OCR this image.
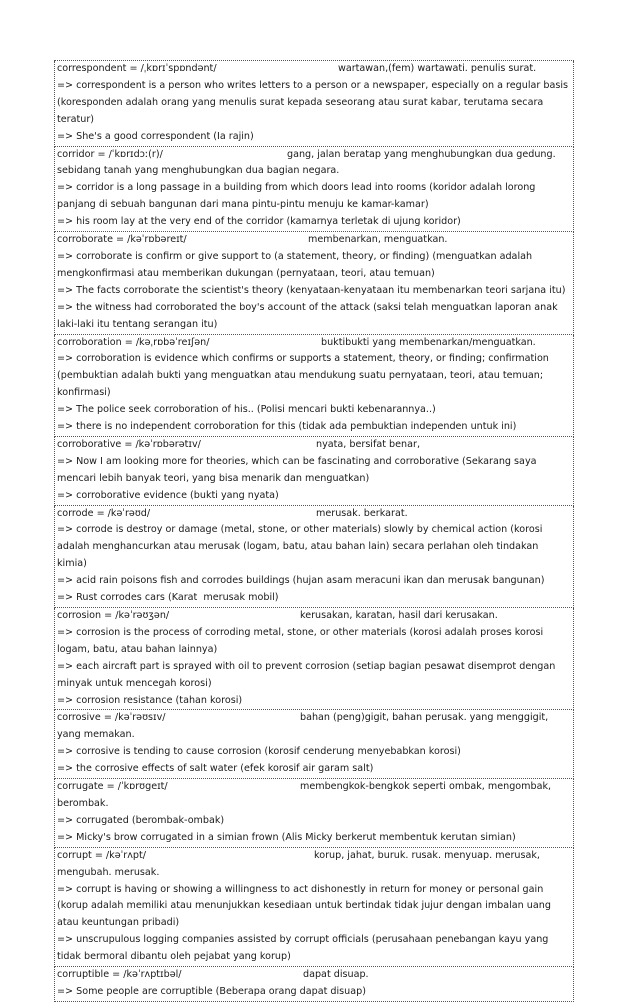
correspondent = /ˌkɒrɪˈspɒndənt/	wartawan,(fem) wartawati. penulis surat.
=> correspondent is a person who writes letters to a person or a newspaper, especially on a regular basis (koresponden adalah orang yang menulis surat kepada seseorang atau surat kabar, terutama secara teratur)
=> She's a good correspondent (Ia rajin)
corridor = /ˈkɒrɪdɔː(r)/	gang, jalan beratap yang menghubungkan dua gedung. sebidang tanah yang menghubungkan dua bagian negara.
=> corridor is a long passage in a building from which doors lead into rooms (koridor adalah lorong panjang di sebuah bangunan dari mana pintu-pintu menuju ke kamar-kamar)
=> his room lay at the very end of the corridor (kamarnya terletak di ujung koridor)
corroborate = /kəˈrɒbəreɪt/	membenarkan, menguatkan.
=> corroborate is confirm or give support to (a statement, theory, or finding) (menguatkan adalah mengkonfirmasi atau memberikan dukungan (pernyataan, teori, atau temuan)
=> The facts corroborate the scientist's theory (kenyataan-kenyataan itu membenarkan teori sarjana itu)
=> the witness had corroborated the boy's account of the attack (saksi telah menguatkan laporan anak laki-laki itu tentang serangan itu)
corroboration = /kəˌrɒbəˈreɪʃən/	buktibukti yang membenarkan/menguatkan.
=> corroboration is evidence which confirms or supports a statement, theory, or finding; confirmation (pembuktian adalah bukti yang menguatkan atau mendukung suatu pernyataan, teori, atau temuan; konfirmasi)
=> The police seek corroboration of his.. (Polisi mencari bukti kebenarannya..)
=> there is no independent corroboration for this (tidak ada pembuktian independen untuk ini)
corroborative = /kəˈrɒbərətɪv/	nyata, bersifat benar,
=> Now I am looking more for theories, which can be fascinating and corroborative (Sekarang saya mencari lebih banyak teori, yang bisa menarik dan menguatkan)
=> corroborative evidence (bukti yang nyata)
corrode = /kəˈrəʊd/	merusak. berkarat.
=> corrode is destroy or damage (metal, stone, or other materials) slowly by chemical action (korosi adalah menghancurkan atau merusak (logam, batu, atau bahan lain) secara perlahan oleh tindakan kimia)
=> acid rain poisons fish and corrodes buildings (hujan asam meracuni ikan dan merusak bangunan)
=> Rust corrodes cars (Karat  merusak mobil)
corrosion = /kəˈrəʊʒən/	kerusakan, karatan, hasil dari kerusakan.
=> corrosion is the process of corroding metal, stone, or other materials (korosi adalah proses korosi logam, batu, atau bahan lainnya)
=> each aircraft part is sprayed with oil to prevent corrosion (setiap bagian pesawat disemprot dengan minyak untuk mencegah korosi)
=> corrosion resistance (tahan korosi)
corrosive = /kəˈrəʊsɪv/	bahan (peng)gigit, bahan perusak. yang menggigit, yang memakan.
=> corrosive is tending to cause corrosion (korosif cenderung menyebabkan korosi)
=> the corrosive effects of salt water (efek korosif air garam salt)
corrugate = /ˈkɒrʊgeɪt/	membengkok-bengkok seperti ombak, mengombak, berombak.
=> corrugated (berombak-ombak)
=> Micky's brow corrugated in a simian frown (Alis Micky berkerut membentuk kerutan simian)
corrupt = /kəˈrʌpt/	korup, jahat, buruk. rusak. menyuap. merusak, mengubah. merusak.
=> corrupt is having or showing a willingness to act dishonestly in return for money or personal gain (korup adalah memiliki atau menunjukkan kesediaan untuk bertindak tidak jujur dengan imbalan uang atau keuntungan pribadi)
=> unscrupulous logging companies assisted by corrupt officials (perusahaan penebangan kayu yang tidak bermoral dibantu oleh pejabat yang korup)
corruptible = /kəˈrʌptɪbəl/	dapat disuap.
=> Some people are corruptible (Beberapa orang dapat disuap)
